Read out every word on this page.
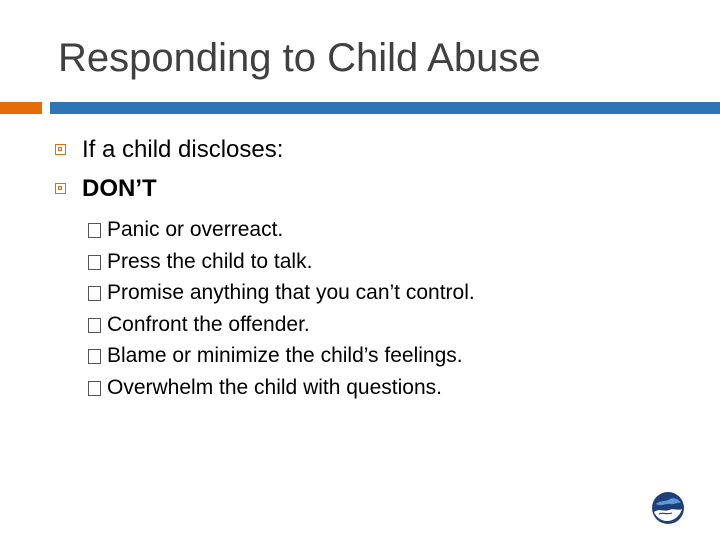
Responding to Child Abuse
If a child discloses:
DON’T
Panic or overreact.
Press the child to talk.
Promise anything that you can’t control.
Confront the offender.
Blame or minimize the child’s feelings.
Overwhelm the child with questions.
